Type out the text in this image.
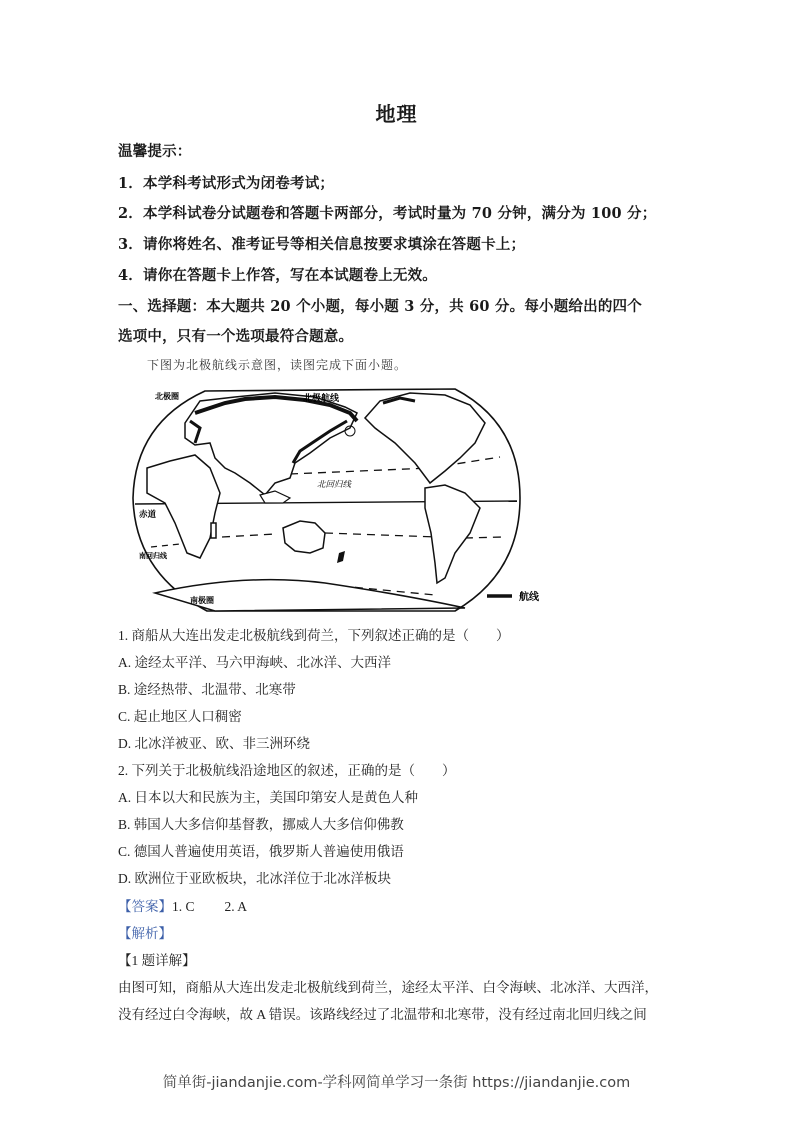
地理
温馨提示：
1．本学科考试形式为闭卷考试；
2．本学科试卷分试题卷和答题卡两部分，考试时量为 70 分钟，满分为 100 分；
3．请你将姓名、准考证号等相关信息按要求填涂在答题卡上；
4．请你在答题卡上作答，写在本试题卷上无效。
一、选择题：本大题共 20 个小题，每小题 3 分，共 60 分。每小题给出的四个
选项中，只有一个选项最符合题意。
下图为北极航线示意图，读图完成下面小题。
北极圈	北极航线
北回归线
赤道
南回归线
南极圈	航线
1. 商船从大连出发走北极航线到荷兰，下列叙述正确的是（　　）
A. 途经太平洋、马六甲海峡、北冰洋、大西洋
B. 途经热带、北温带、北寒带
C. 起止地区人口稠密
D. 北冰洋被亚、欧、非三洲环绕
2. 下列关于北极航线沿途地区的叙述，正确的是（　　）
A. 日本以大和民族为主，美国印第安人是黄色人种
B. 韩国人大多信仰基督教，挪威人大多信仰佛教
C. 德国人普遍使用英语，俄罗斯人普遍使用俄语
D. 欧洲位于亚欧板块，北冰洋位于北冰洋板块
【答案】1. C 2. A
【解析】
【1 题详解】
由图可知，商船从大连出发走北极航线到荷兰，途经太平洋、白令海峡、北冰洋、大西洋，
没有经过白令海峡，故 A 错误。该路线经过了北温带和北寒带，没有经过南北回归线之间
简单街-jiandanjie.com-学科网简单学习一条街 https://jiandanjie.com
